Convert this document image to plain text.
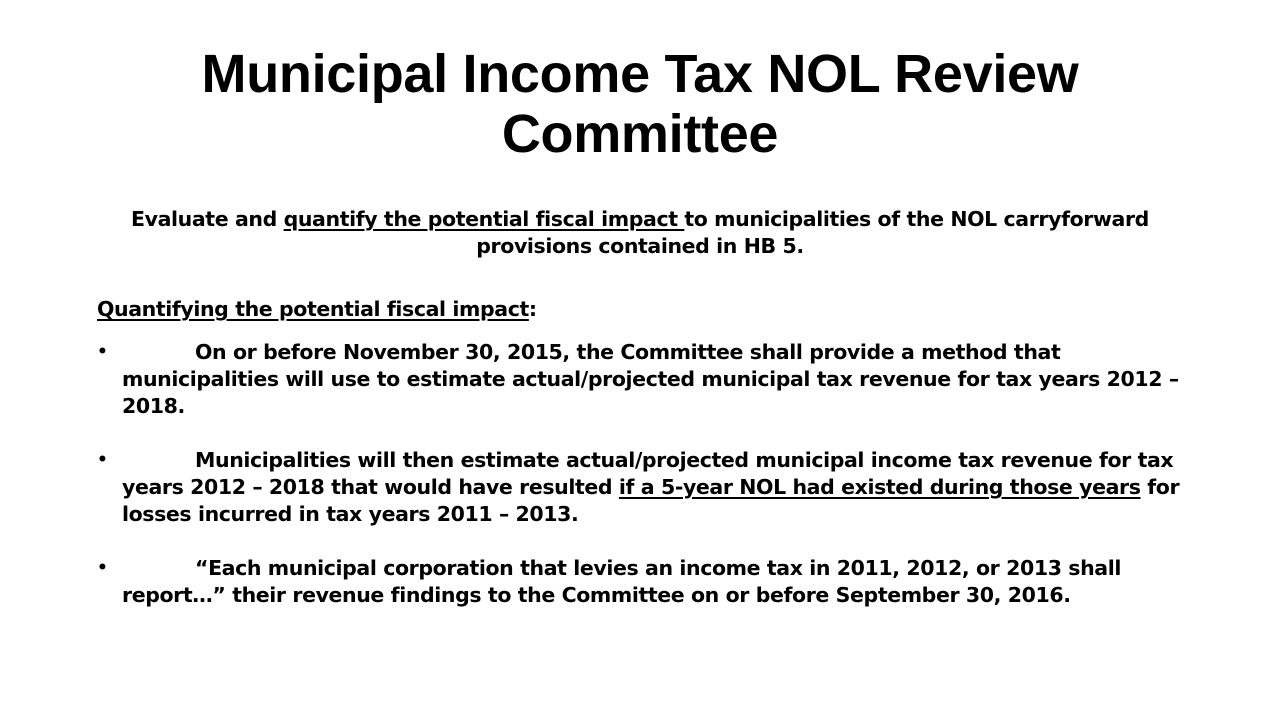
Municipal Income Tax NOL Review Committee
Evaluate and quantify the potential fiscal impact to municipalities of the NOL carryforward provisions contained in HB 5.
Quantifying the potential fiscal impact:
•	On or before November 30, 2015, the Committee shall provide a method that municipalities will use to estimate actual/projected municipal tax revenue for tax years 2012 – 2018.
•	Municipalities will then estimate actual/projected municipal income tax revenue for tax years 2012 – 2018 that would have resulted if a 5-year NOL had existed during those years for losses incurred in tax years 2011 – 2013.
•	“Each municipal corporation that levies an income tax in 2011, 2012, or 2013 shall report…” their revenue findings to the Committee on or before September 30, 2016.
